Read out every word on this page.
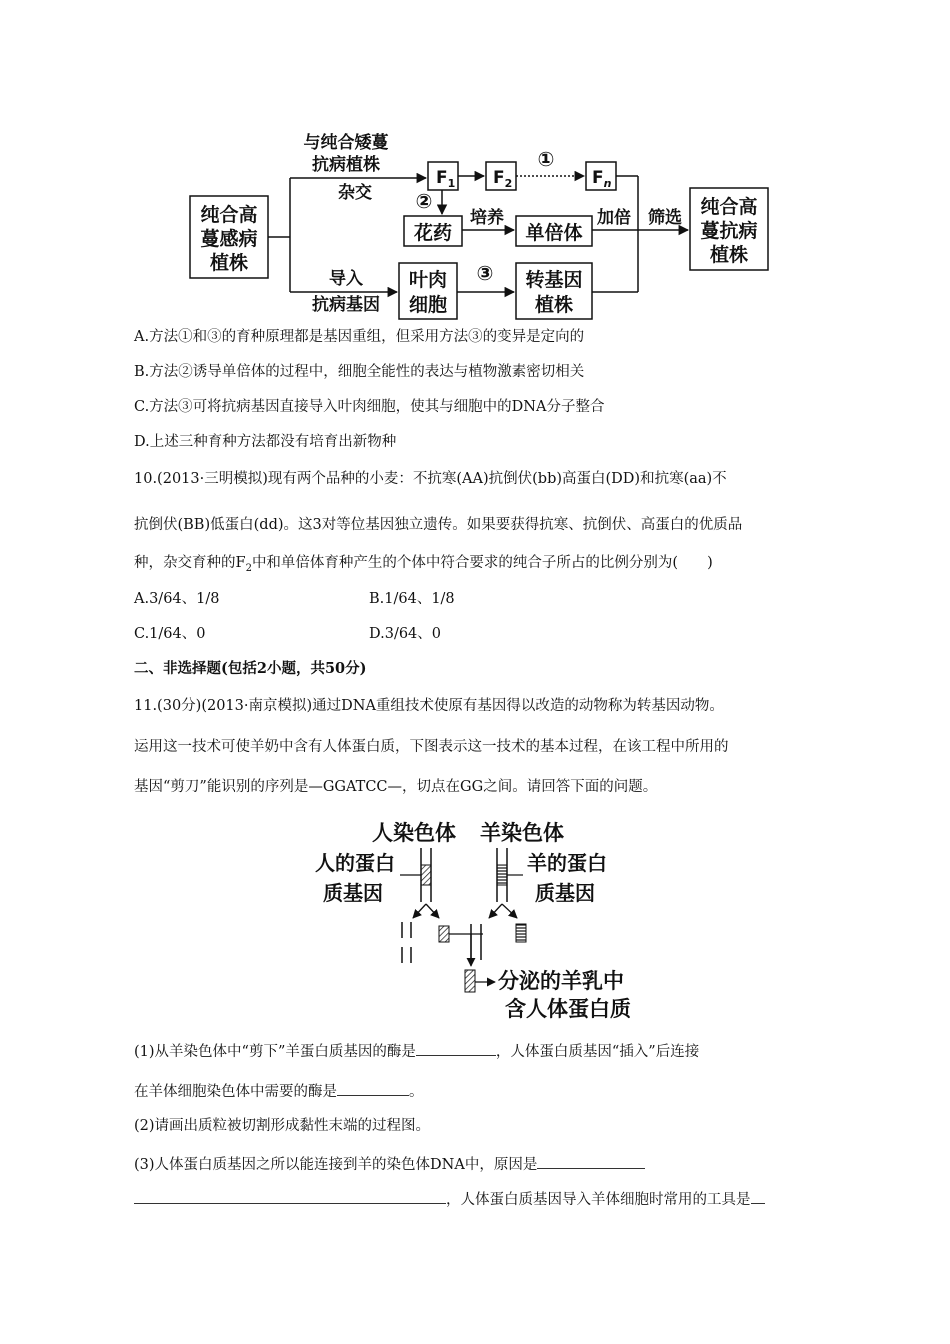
纯合高
蔓感病
植株
与纯合矮蔓
抗病植株
杂交
$F_1$ $F_2$
①
$F_n$
②
花药
培养
单倍体
加倍 筛选 纯合高
蔓抗病
植株
导入
抗病基因
叶肉
细胞
③ 转基因
植株
A.方法①和③的育种原理都是基因重组，但采用方法③的变异是定向的
B.方法②诱导单倍体的过程中，细胞全能性的表达与植物激素密切相关
C.方法③可将抗病基因直接导入叶肉细胞，使其与细胞中的DNA分子整合
D.上述三种育种方法都没有培育出新物种
10.(2013·三明模拟)现有两个品种的小麦：不抗寒(AA)抗倒伏(bb)高蛋白(DD)和抗寒(aa)不
抗倒伏(BB)低蛋白(dd)。这3对等位基因独立遗传。如果要获得抗寒、抗倒伏、高蛋白的优质品
种，杂交育种的$F_2$中和单倍体育种产生的个体中符合要求的纯合子所占的比例分别为(　　)
A.3/64、1/8	B.1/64、1/8
C.1/64、0	D.3/64、0
二、非选择题(包括2小题，共50分)
11.(30分)(2013·南京模拟)通过DNA重组技术使原有基因得以改造的动物称为转基因动物。
运用这一技术可使羊奶中含有人体蛋白质，下图表示这一技术的基本过程，在该工程中所用的
基因“剪刀”能识别的序列是—GGATCC—，切点在GG之间。请回答下面的问题。
人染色体 羊染色体
人的蛋白
质基因
羊的蛋白
质基因
分泌的羊乳中
含人体蛋白质
(1)从羊染色体中“剪下”羊蛋白质基因的酶是	，人体蛋白质基因“插入”后连接
在羊体细胞染色体中需要的酶是	。
(2)请画出质粒被切割形成黏性末端的过程图。
(3)人体蛋白质基因之所以能连接到羊的染色体DNA中，原因是
，人体蛋白质基因导入羊体细胞时常用的工具是
